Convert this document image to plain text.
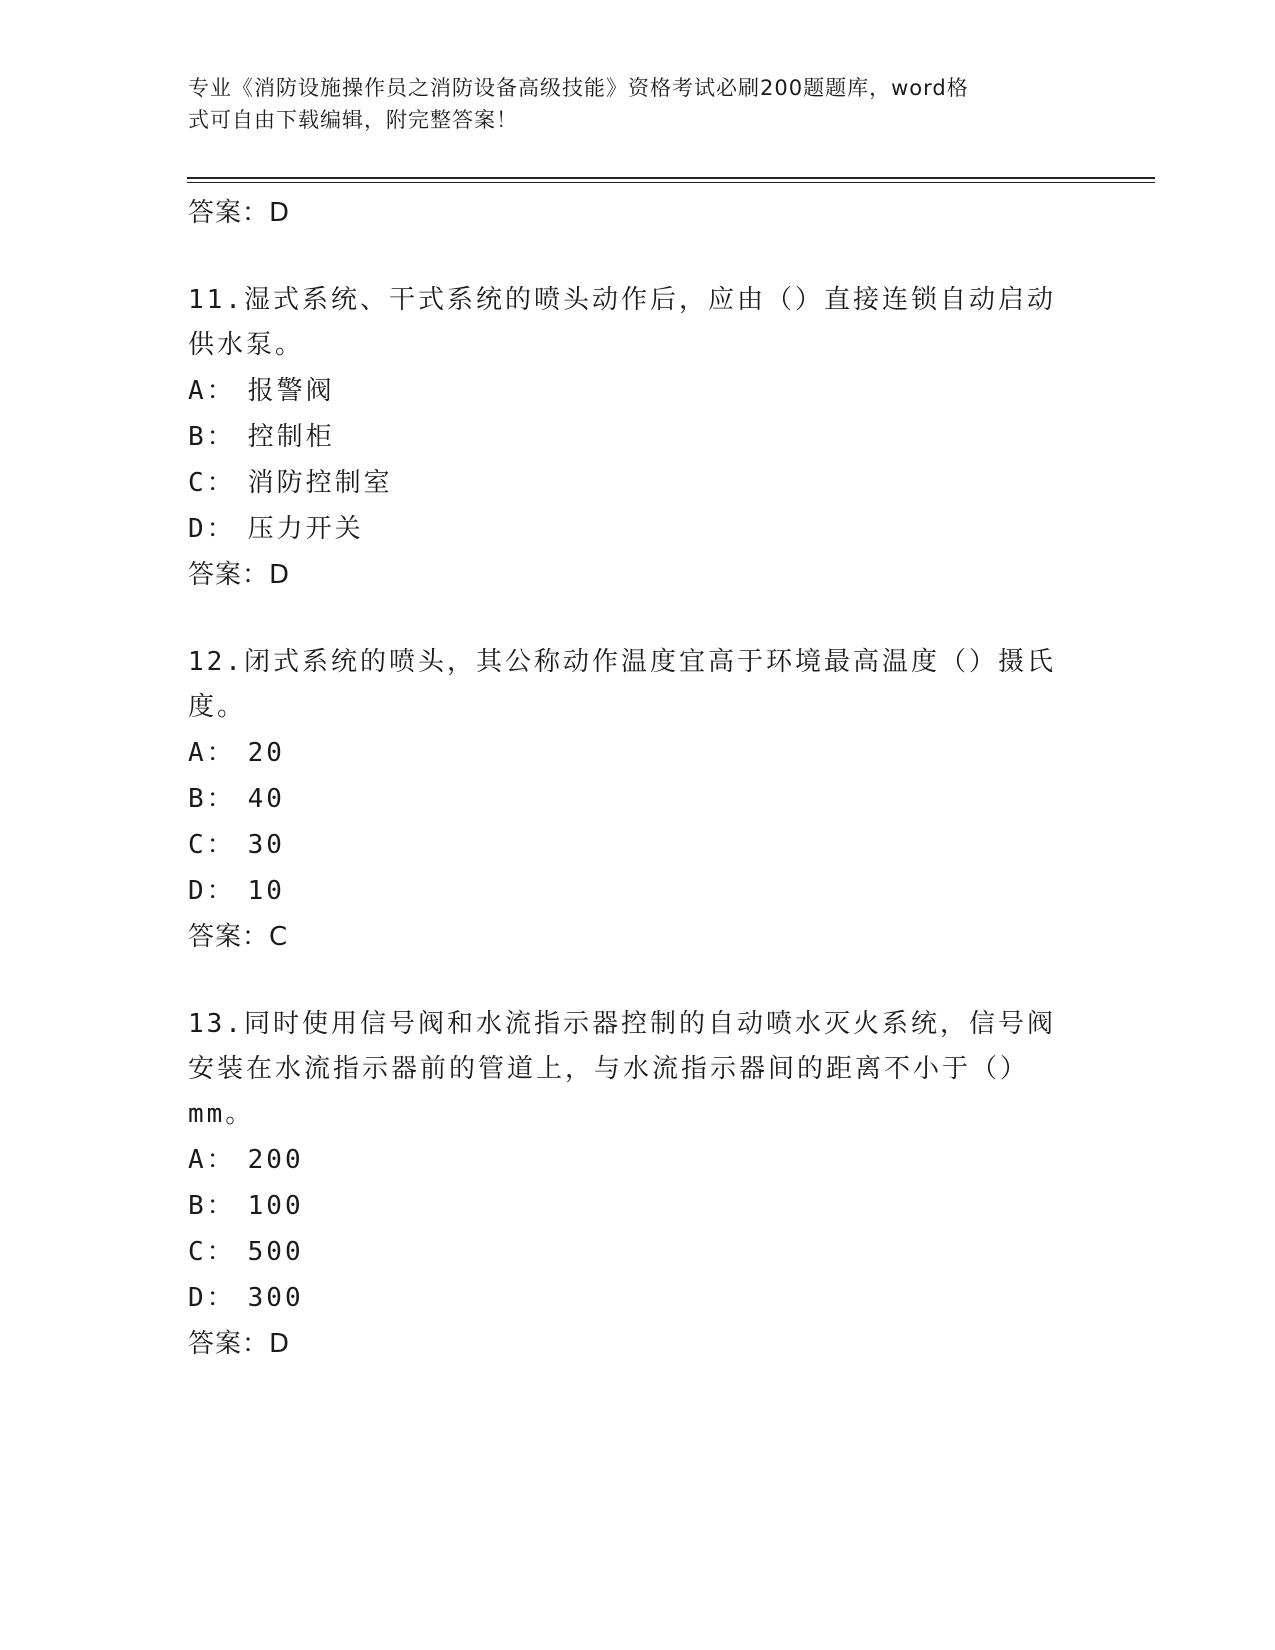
专业《消防设施操作员之消防设备高级技能》资格考试必刷200题题库，word格
式可自由下载编辑，附完整答案！
答案：D
11.湿式系统、干式系统的喷头动作后，应由（）直接连锁自动启动供水泵。
A： 报警阀
B： 控制柜
C： 消防控制室
D： 压力开关
答案：D
12.闭式系统的喷头，其公称动作温度宜高于环境最高温度（）摄氏度。
A： 20
B： 40
C： 30
D： 10
答案：C
13.同时使用信号阀和水流指示器控制的自动喷水灭火系统，信号阀安装在水流指示器前的管道上，与水流指示器间的距离不小于（）mm。
A： 200
B： 100
C： 500
D： 300
答案：D
